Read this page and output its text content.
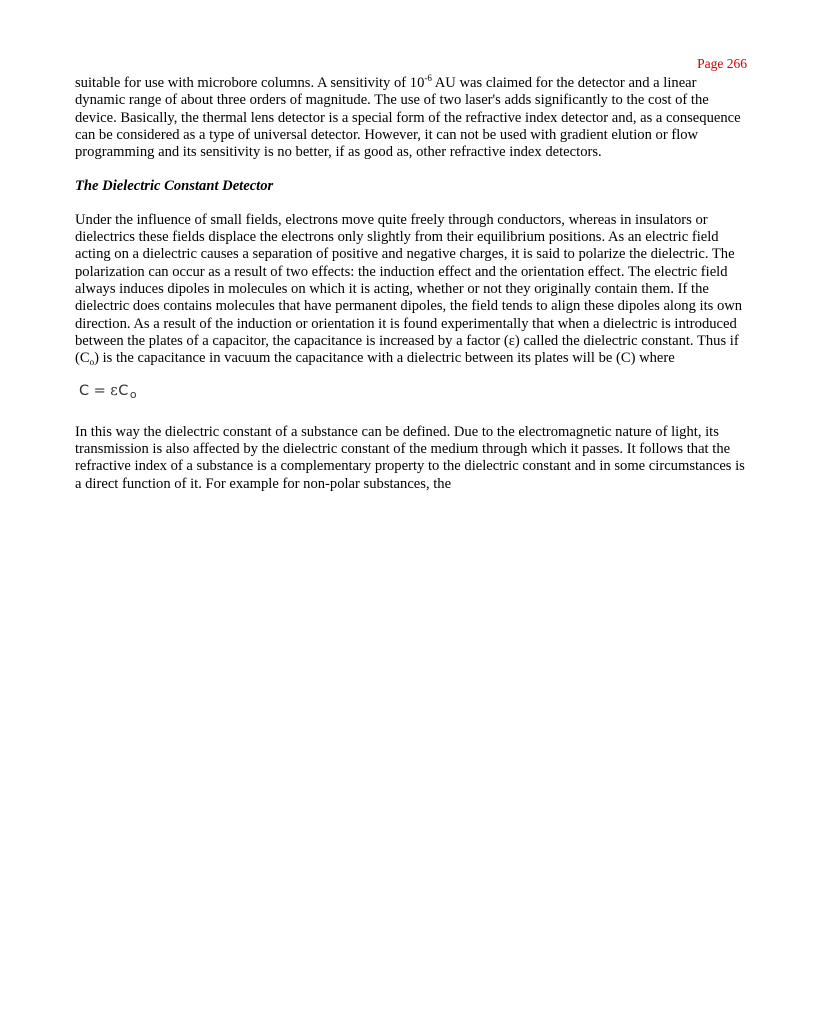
Page 266

suitable for use with microbore columns. A sensitivity of $10^{-6}$ AU was claimed for the detector and a linear dynamic range of about three orders of magnitude. The use of two laser's adds significantly to the cost of the device. Basically, the thermal lens detector is a special form of the refractive index detector and, as a consequence can be considered as a type of universal detector. However, it can not be used with gradient elution or flow programming and its sensitivity is no better, if as good as, other refractive index detectors.

The Dielectric Constant Detector

Under the influence of small fields, electrons move quite freely through conductors, whereas in insulators or dielectrics these fields displace the electrons only slightly from their equilibrium positions. As an electric field acting on a dielectric causes a separation of positive and negative charges, it is said to polarize the dielectric. The polarization can occur as a result of two effects: the induction effect and the orientation effect. The electric field always induces dipoles in molecules on which it is acting, whether or not they originally contain them. If the dielectric does contains molecules that have permanent dipoles, the field tends to align these dipoles along its own direction. As a result of the induction or orientation it is found experimentally that when a dielectric is introduced between the plates of a capacitor, the capacitance is increased by a factor (ε) called the dielectric constant. Thus if $(C_o)$ is the capacitance in vacuum the capacitance with a dielectric between its plates will be (C) where

$C = \varepsilon C_o$

In this way the dielectric constant of a substance can be defined. Due to the electromagnetic nature of light, its transmission is also affected by the dielectric constant of the medium through which it passes. It follows that the refractive index of a substance is a complementary property to the dielectric constant and in some circumstances is a direct function of it. For example for non-polar substances, the
